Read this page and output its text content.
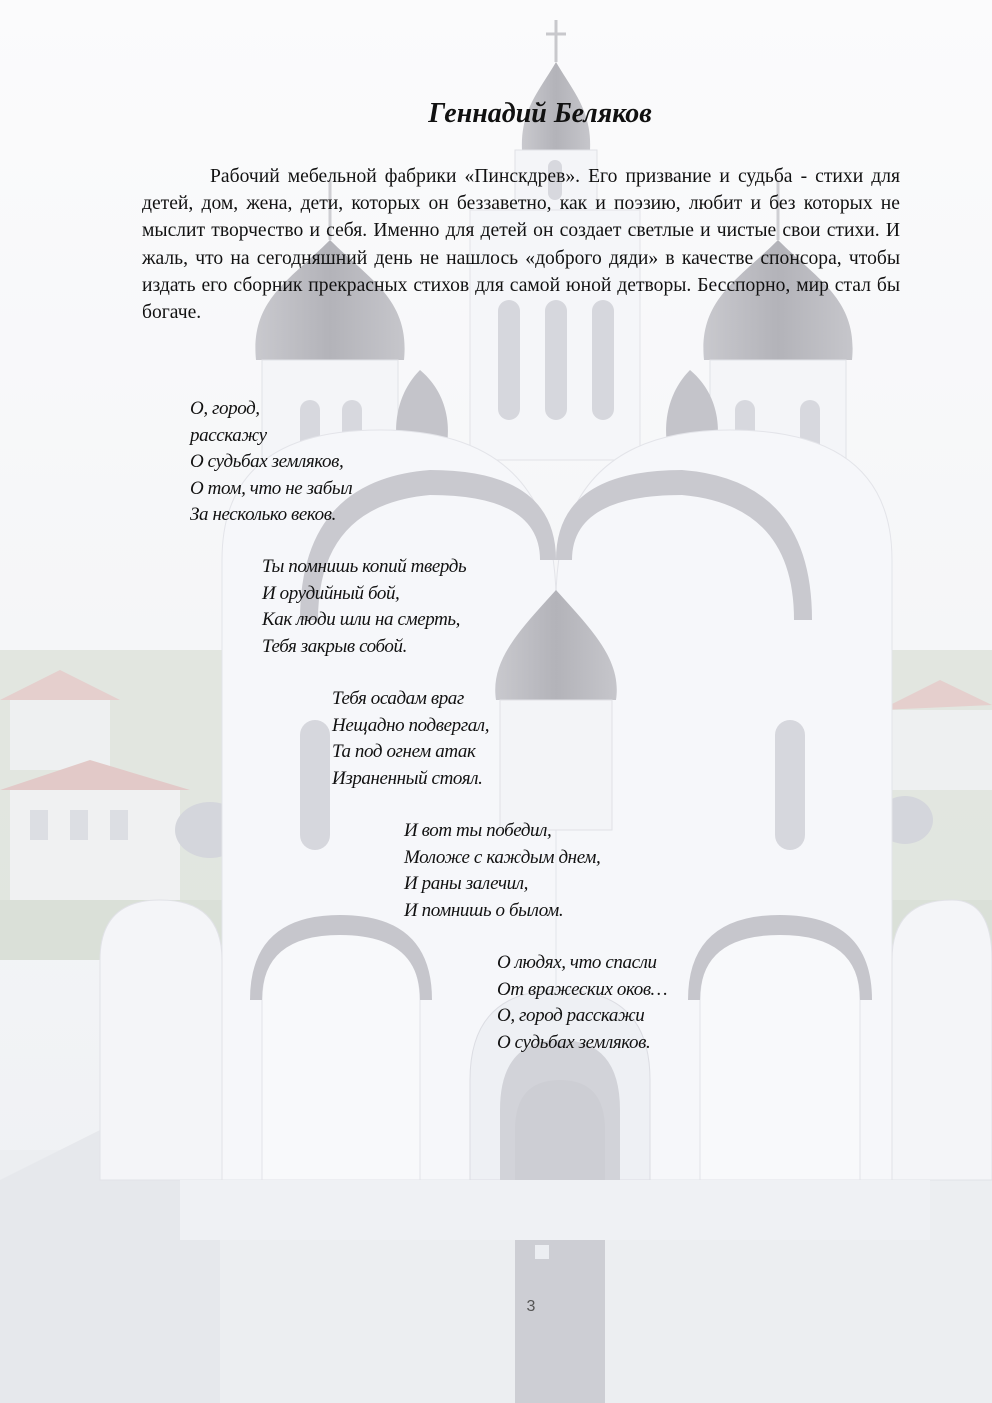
Геннадий Беляков

Рабочий мебельной фабрики «Пинскдрев». Его призвание и судьба - стихи для детей, дом, жена, дети, которых он беззаветно, как и поэзию, любит и без которых не мыслит творчество и себя. Именно для детей он создает светлые и чистые свои стихи. И жаль, что на сегодняшний день не нашлось «доброго дяди» в качестве спонсора, чтобы издать его сборник прекрасных стихов для самой юной детворы. Бесспорно, мир стал бы богаче.

О, город,
расскажу
О судьбах земляков,
О том, что не забыл
За несколько веков.

Ты помнишь копий твердь
И орудийный бой,
Как люди шли на смерть,
Тебя закрыв собой.

Тебя осадам враг
Нещадно подвергал,
Та под огнем атак
Израненный стоял.

И вот ты победил,
Моложе с каждым днем,
И раны залечил,
И помнишь о былом.

О людях, что спасли
От вражеских оков…
О, город расскажи
О судьбах земляков.

3
